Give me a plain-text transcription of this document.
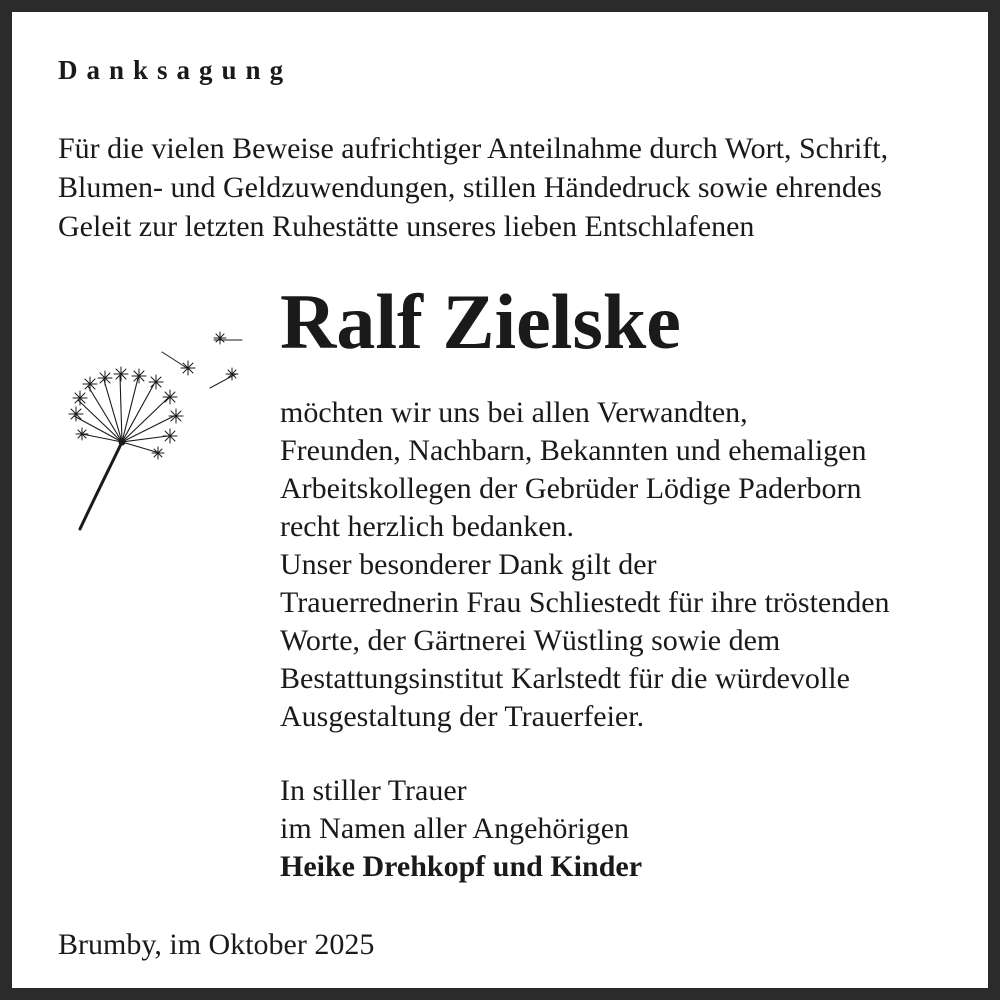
Danksagung
Für die vielen Beweise aufrichtiger Anteilnahme durch Wort, Schrift,
Blumen- und Geldzuwendungen, stillen Händedruck sowie ehrendes
Geleit zur letzten Ruhestätte unseres lieben Entschlafenen
Ralf Zielske
möchten wir uns bei allen Verwandten,
Freunden, Nachbarn, Bekannten und ehemaligen
Arbeitskollegen der Gebrüder Lödige Paderborn
recht herzlich bedanken.
Unser besonderer Dank gilt der
Trauerrednerin Frau Schliestedt für ihre tröstenden
Worte, der Gärtnerei Wüstling sowie dem
Bestattungsinstitut Karlstedt für die würdevolle
Ausgestaltung der Trauerfeier.
In stiller Trauer
im Namen aller Angehörigen
Heike Drehkopf und Kinder
Brumby, im Oktober 2025
